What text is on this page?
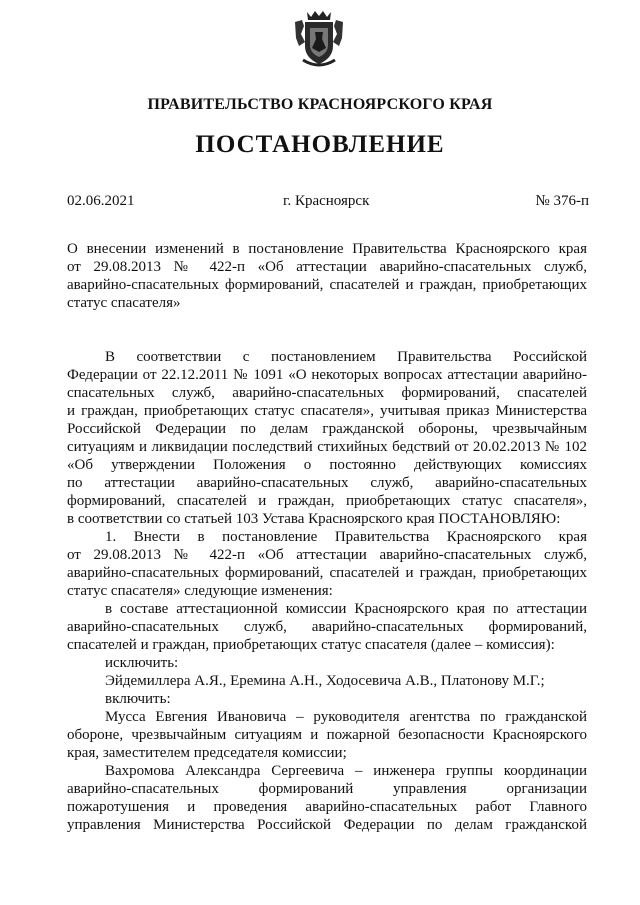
ПРАВИТЕЛЬСТВО КРАСНОЯРСКОГО КРАЯ
ПОСТАНОВЛЕНИЕ
02.06.2021	г. Красноярск	№ 376-п
О внесении изменений в постановление Правительства Красноярского края
от 29.08.2013 № 422-п «Об аттестации аварийно-спасательных служб,
аварийно-спасательных формирований, спасателей и граждан, приобретающих
статус спасателя»
В соответствии с постановлением Правительства Российской
Федерации от 22.12.2011 № 1091 «О некоторых вопросах аттестации аварийно-
спасательных служб, аварийно-спасательных формирований, спасателей
и граждан, приобретающих статус спасателя», учитывая приказ Министерства
Российской Федерации по делам гражданской обороны, чрезвычайным
ситуациям и ликвидации последствий стихийных бедствий от 20.02.2013 № 102
«Об утверждении Положения о постоянно действующих комиссиях
по аттестации аварийно-спасательных служб, аварийно-спасательных
формирований, спасателей и граждан, приобретающих статус спасателя»,
в соответствии со статьей 103 Устава Красноярского края ПОСТАНОВЛЯЮ:
1. Внести в постановление Правительства Красноярского края
от 29.08.2013 № 422-п «Об аттестации аварийно-спасательных служб,
аварийно-спасательных формирований, спасателей и граждан, приобретающих
статус спасателя» следующие изменения:
в составе аттестационной комиссии Красноярского края по аттестации
аварийно-спасательных служб, аварийно-спасательных формирований,
спасателей и граждан, приобретающих статус спасателя (далее – комиссия):
исключить:
Эйдемиллера А.Я., Еремина А.Н., Ходосевича А.В., Платонову М.Г.;
включить:
Мусса Евгения Ивановича – руководителя агентства по гражданской
обороне, чрезвычайным ситуациям и пожарной безопасности Красноярского
края, заместителем председателя комиссии;
Вахромова Александра Сергеевича – инженера группы координации
аварийно-спасательных формирований управления организации
пожаротушения и проведения аварийно-спасательных работ Главного
управления Министерства Российской Федерации по делам гражданской
